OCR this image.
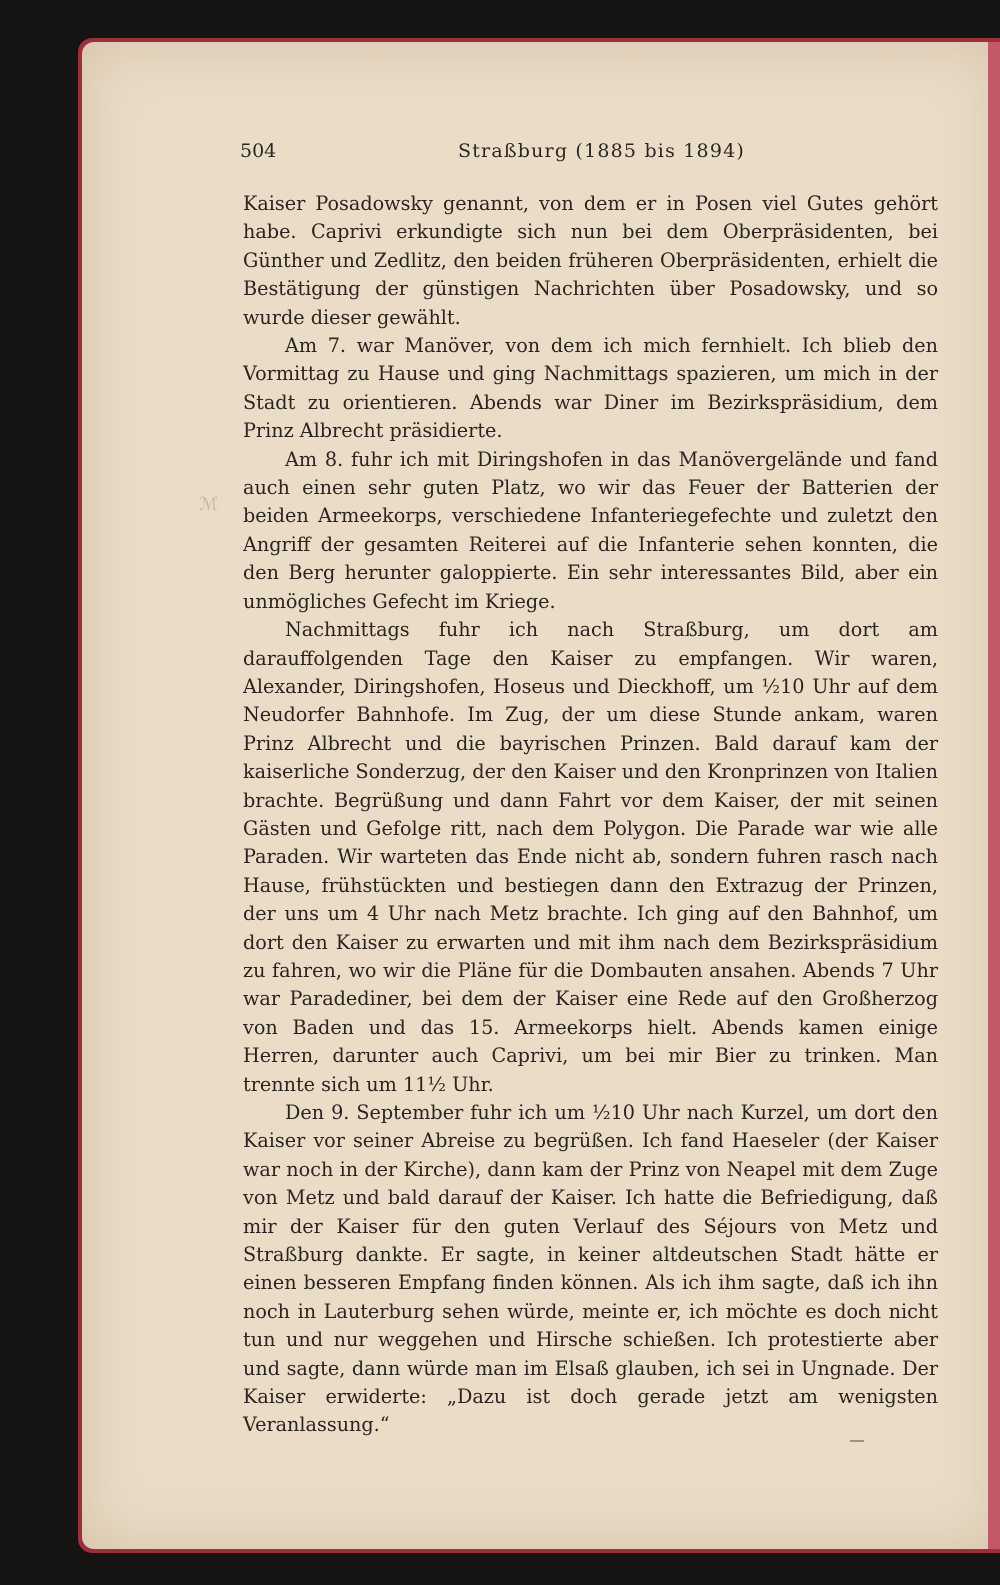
504	Straßburg (1885 bis 1894)
ℳ

Kaiser Posadowsky genannt, von dem er in Posen viel Gutes gehört habe. Caprivi erkundigte sich nun bei dem Oberpräsidenten, bei Günther und Zedlitz, den beiden früheren Oberpräsidenten, erhielt die Bestätigung der günstigen Nachrichten über Posadowsky, und so wurde dieser gewählt.

Am 7. war Manöver, von dem ich mich fernhielt. Ich blieb den Vormittag zu Hause und ging Nachmittags spazieren, um mich in der Stadt zu orientieren. Abends war Diner im Bezirkspräsidium, dem Prinz Albrecht präsidierte.

Am 8. fuhr ich mit Diringshofen in das Manövergelände und fand auch einen sehr guten Platz, wo wir das Feuer der Batterien der beiden Armeekorps, verschiedene Infanteriegefechte und zuletzt den Angriff der gesamten Reiterei auf die Infanterie sehen konnten, die den Berg herunter galoppierte. Ein sehr interessantes Bild, aber ein unmögliches Gefecht im Kriege.

Nachmittags fuhr ich nach Straßburg, um dort am darauffolgenden Tage den Kaiser zu empfangen. Wir waren, Alexander, Diringshofen, Hoseus und Dieckhoff, um ½10 Uhr auf dem Neudorfer Bahnhofe. Im Zug, der um diese Stunde ankam, waren Prinz Albrecht und die bayrischen Prinzen. Bald darauf kam der kaiserliche Sonderzug, der den Kaiser und den Kronprinzen von Italien brachte. Begrüßung und dann Fahrt vor dem Kaiser, der mit seinen Gästen und Gefolge ritt, nach dem Polygon. Die Parade war wie alle Paraden. Wir warteten das Ende nicht ab, sondern fuhren rasch nach Hause, frühstückten und bestiegen dann den Extrazug der Prinzen, der uns um 4 Uhr nach Metz brachte. Ich ging auf den Bahnhof, um dort den Kaiser zu erwarten und mit ihm nach dem Bezirkspräsidium zu fahren, wo wir die Pläne für die Dombauten ansahen. Abends 7 Uhr war Paradediner, bei dem der Kaiser eine Rede auf den Großherzog von Baden und das 15. Armeekorps hielt. Abends kamen einige Herren, darunter auch Caprivi, um bei mir Bier zu trinken. Man trennte sich um 11½ Uhr.

Den 9. September fuhr ich um ½10 Uhr nach Kurzel, um dort den Kaiser vor seiner Abreise zu begrüßen. Ich fand Haeseler (der Kaiser war noch in der Kirche), dann kam der Prinz von Neapel mit dem Zuge von Metz und bald darauf der Kaiser. Ich hatte die Befriedigung, daß mir der Kaiser für den guten Verlauf des Séjours von Metz und Straßburg dankte. Er sagte, in keiner altdeutschen Stadt hätte er einen besseren Empfang finden können. Als ich ihm sagte, daß ich ihn noch in Lauterburg sehen würde, meinte er, ich möchte es doch nicht tun und nur weggehen und Hirsche schießen. Ich protestierte aber und sagte, dann würde man im Elsaß glauben, ich sei in Ungnade. Der Kaiser erwiderte: „Dazu ist doch gerade jetzt am wenigsten Veranlassung.“
